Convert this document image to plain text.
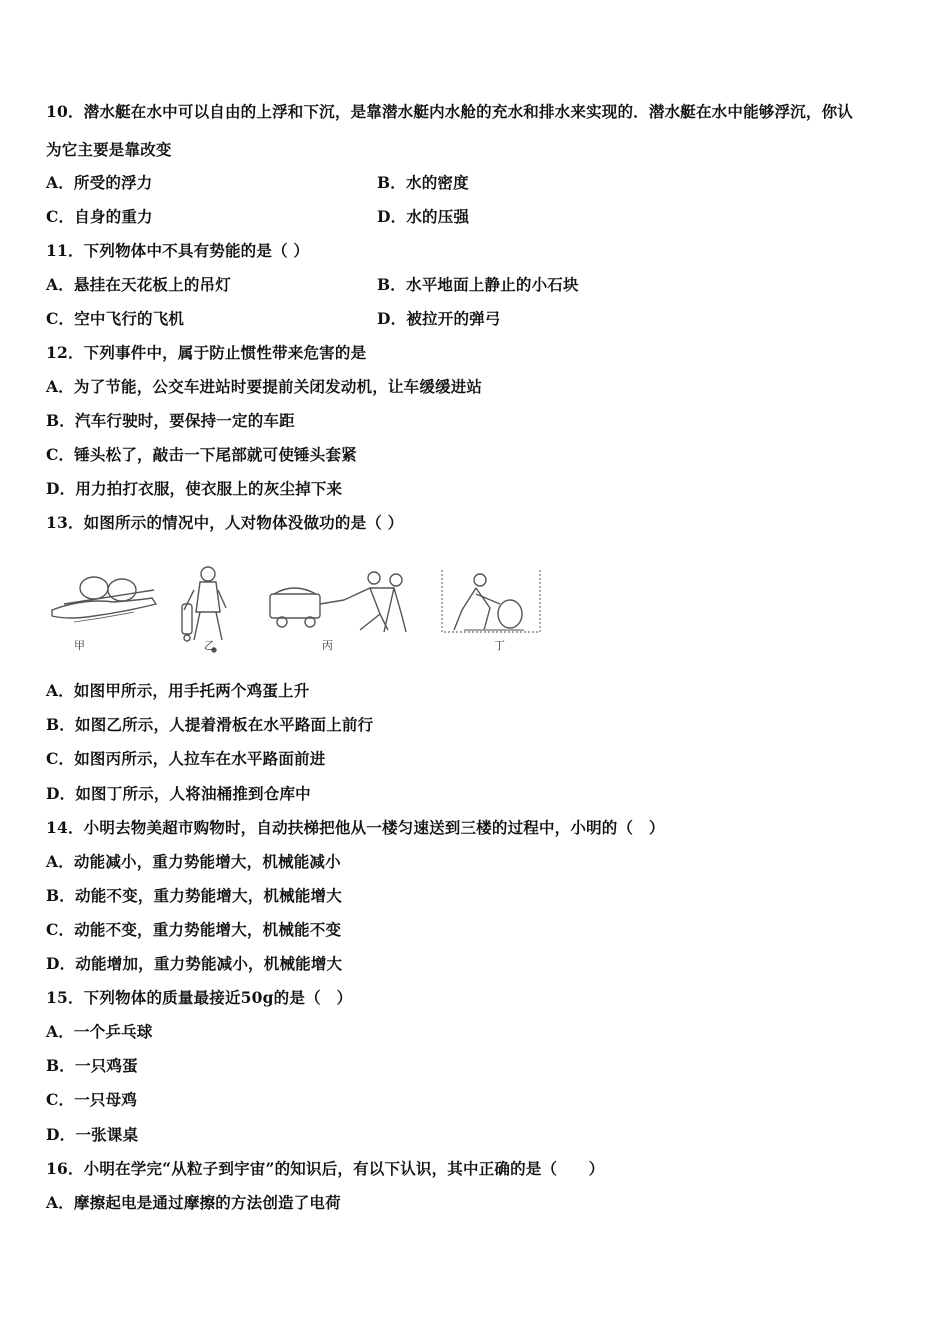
10．潜水艇在水中可以自由的上浮和下沉，是靠潜水艇内水舱的充水和排水来实现的．潜水艇在水中能够浮沉，你认
为它主要是靠改变
A．所受的浮力	B．水的密度
C．自身的重力	D．水的压强
11．下列物体中不具有势能的是（ ）
A．悬挂在天花板上的吊灯	B．水平地面上静止的小石块
C．空中飞行的飞机	D．被拉开的弹弓
12．下列事件中，属于防止惯性带来危害的是
A．为了节能，公交车进站时要提前关闭发动机，让车缓缓进站
B．汽车行驶时，要保持一定的车距
C．锤头松了，敲击一下尾部就可使锤头套紧
D．用力拍打衣服，使衣服上的灰尘掉下来
13．如图所示的情况中，人对物体没做功的是（ ）
甲	乙	丙	丁
A．如图甲所示，用手托两个鸡蛋上升
B．如图乙所示，人提着滑板在水平路面上前行
C．如图丙所示，人拉车在水平路面前进
D．如图丁所示，人将油桶推到仓库中
14．小明去物美超市购物时，自动扶梯把他从一楼匀速送到三楼的过程中，小明的（　）
A．动能减小，重力势能增大，机械能减小
B．动能不变，重力势能增大，机械能增大
C．动能不变，重力势能增大，机械能不变
D．动能增加，重力势能减小，机械能增大
15．下列物体的质量最接近50g的是（　）
A．一个乒乓球
B．一只鸡蛋
C．一只母鸡
D．一张课桌
16．小明在学完“从粒子到宇宙”的知识后，有以下认识，其中正确的是（　　）
A．摩擦起电是通过摩擦的方法创造了电荷
